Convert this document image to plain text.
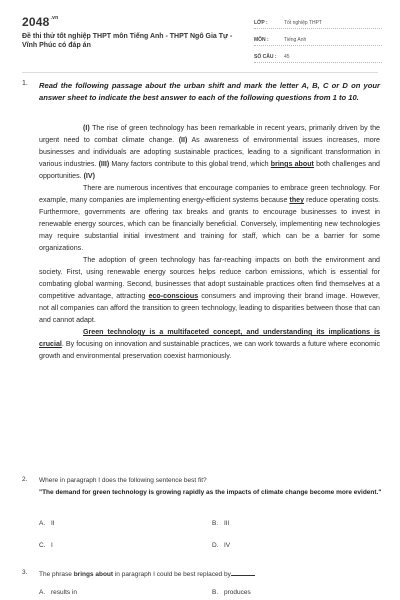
$2048^{.vn}$
Đề thi thử tốt nghiệp THPT môn Tiếng Anh - THPT Ngô Gia Tự - Vĩnh Phúc có đáp án
LỚP :	Tốt nghiệp THPT
MÔN :	Tiếng Anh
SỐ CÂU :	45
1. Read the following passage about the urban shift and mark the letter A, B, C or D on your answer sheet to indicate the best answer to each of the following questions from 1 to 10.

(I) The rise of green technology has been remarkable in recent years, primarily driven by the urgent need to combat climate change. (II) As awareness of environmental issues increases, more businesses and individuals are adopting sustainable practices, leading to a significant transformation in various industries. (III) Many factors contribute to this global trend, which brings about both challenges and opportunities. (IV)

There are numerous incentives that encourage companies to embrace green technology. For example, many companies are implementing energy-efficient systems because they reduce operating costs. Furthermore, governments are offering tax breaks and grants to encourage businesses to invest in renewable energy sources, which can be financially beneficial. Conversely, implementing new technologies may require substantial initial investment and training for staff, which can be a barrier for some organizations.

The adoption of green technology has far-reaching impacts on both the environment and society. First, using renewable energy sources helps reduce carbon emissions, which is essential for combating global warming. Second, businesses that adopt sustainable practices often find themselves at a competitive advantage, attracting eco-conscious consumers and improving their brand image. However, not all companies can afford the transition to green technology, leading to disparities between those that can and cannot adapt.

Green technology is a multifaceted concept, and understanding its implications is crucial. By focusing on innovation and sustainable practices, we can work towards a future where economic growth and environmental preservation coexist harmoniously.

2. Where in paragraph I does the following sentence best fit?
"The demand for green technology is growing rapidly as the impacts of climate change become more evident."
A. II	B. III
C. I	D. IV
3. The phrase brings about in paragraph I could be best replaced by
A. results in	B. produces
